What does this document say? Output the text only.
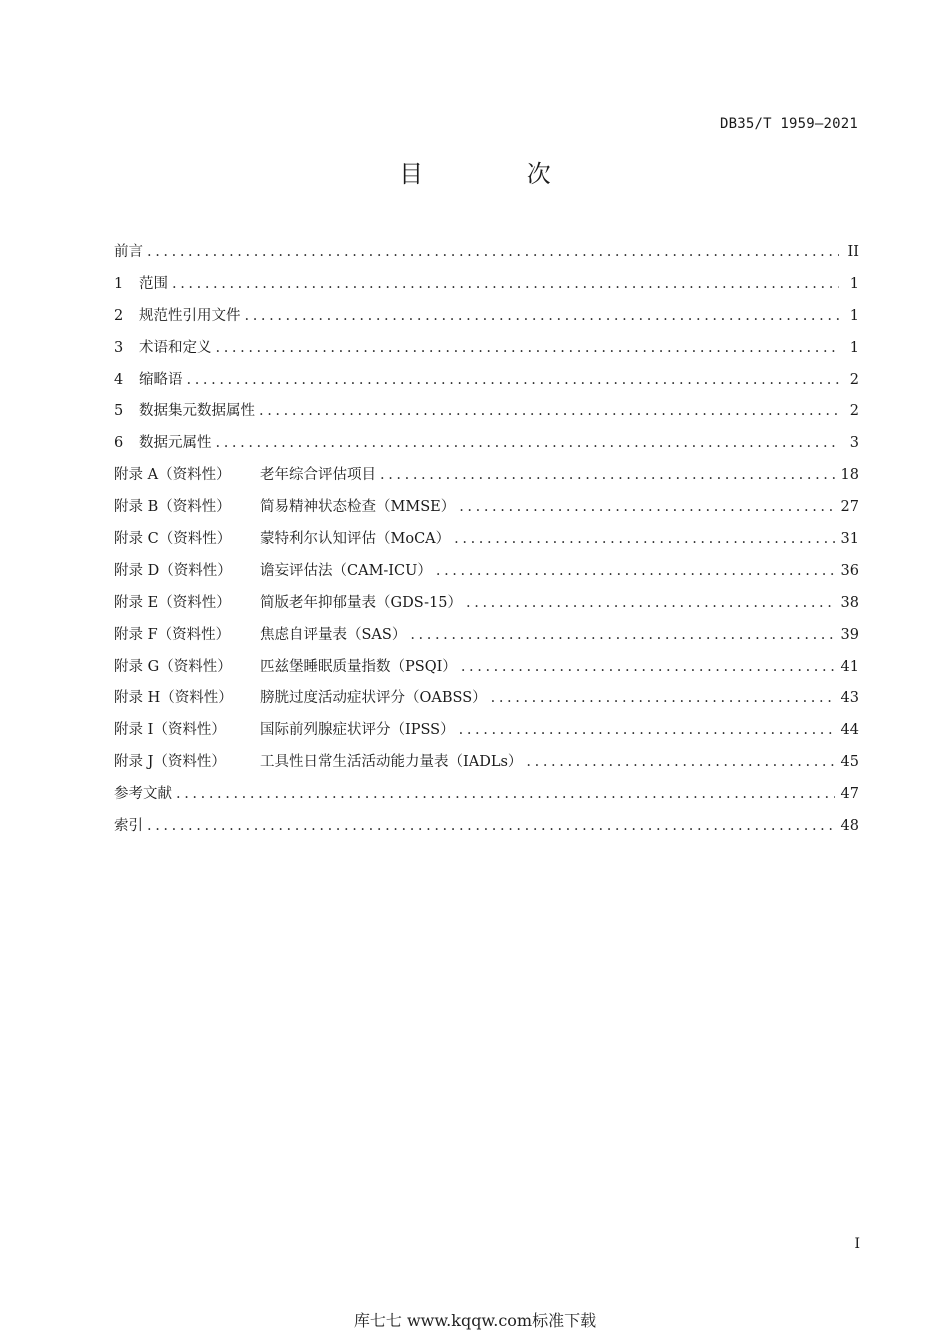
DB35/T 1959—2021
目 次
前言 .....	II
1	范围 .....	1
2	规范性引用文件 .....	1
3	术语和定义 .....	1
4	缩略语 .....	2
5	数据集元数据属性 .....	2
6	数据元属性 .....	3
附录 A（资料性）	老年综合评估项目 .....	18
附录 B（资料性）	简易精神状态检查（MMSE） .....	27
附录 C（资料性）	蒙特利尔认知评估（MoCA） .....	31
附录 D（资料性）	谵妄评估法（CAM-ICU） .....	36
附录 E（资料性）	简版老年抑郁量表（GDS-15） .....	38
附录 F（资料性）	焦虑自评量表（SAS） .....	39
附录 G（资料性）	匹兹堡睡眠质量指数（PSQI） .....	41
附录 H（资料性）	膀胱过度活动症状评分（OABSS） .....	43
附录 I（资料性）	国际前列腺症状评分（IPSS） .....	44
附录 J（资料性）	工具性日常生活活动能力量表（IADLs） .....	45
参考文献 .....	47
索引 .....	48
I
库七七 www.kqqw.com标准下载
